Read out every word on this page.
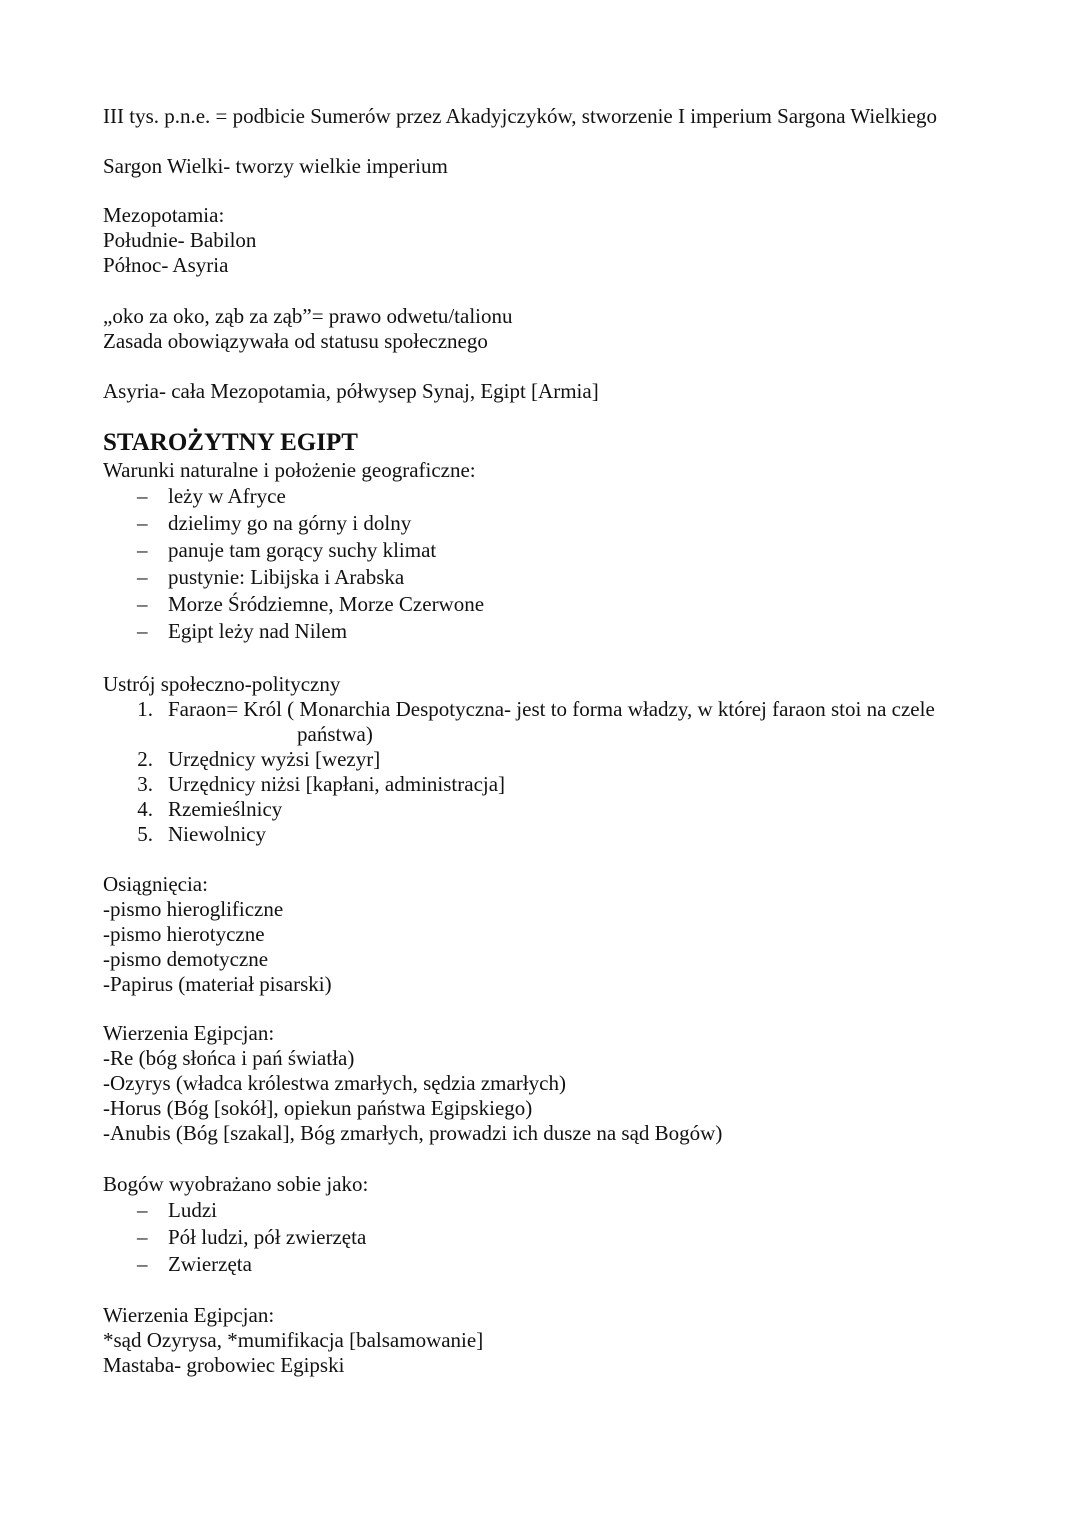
III tys. p.n.e. = podbicie Sumerów przez Akadyjczyków, stworzenie I imperium Sargona Wielkiego
Sargon Wielki- tworzy wielkie imperium
Mezopotamia:
Południe- Babilon
Północ- Asyria
„oko za oko, ząb za ząb”= prawo odwetu/talionu
Zasada obowiązywała od statusu społecznego
Asyria- cała Mezopotamia, półwysep Synaj, Egipt [Armia]
STAROŻYTNY EGIPT
Warunki naturalne i położenie geograficzne:
– leży w Afryce
– dzielimy go na górny i dolny
– panuje tam gorący suchy klimat
– pustynie: Libijska i Arabska
– Morze Śródziemne, Morze Czerwone
– Egipt leży nad Nilem
Ustrój społeczno-polityczny
1. Faraon= Król ( Monarchia Despotyczna- jest to forma władzy, w której faraon stoi na czele
państwa)
2. Urzędnicy wyżsi [wezyr]
3. Urzędnicy niżsi [kapłani, administracja]
4. Rzemieślnicy
5. Niewolnicy
Osiągnięcia:
-pismo hieroglificzne
-pismo hierotyczne
-pismo demotyczne
-Papirus (materiał pisarski)
Wierzenia Egipcjan:
-Re (bóg słońca i pań światła)
-Ozyrys (władca królestwa zmarłych, sędzia zmarłych)
-Horus (Bóg [sokół], opiekun państwa Egipskiego)
-Anubis (Bóg [szakal], Bóg zmarłych, prowadzi ich dusze na sąd Bogów)
Bogów wyobrażano sobie jako:
– Ludzi
– Pół ludzi, pół zwierzęta
– Zwierzęta
Wierzenia Egipcjan:
*sąd Ozyrysa, *mumifikacja [balsamowanie]
Mastaba- grobowiec Egipski
